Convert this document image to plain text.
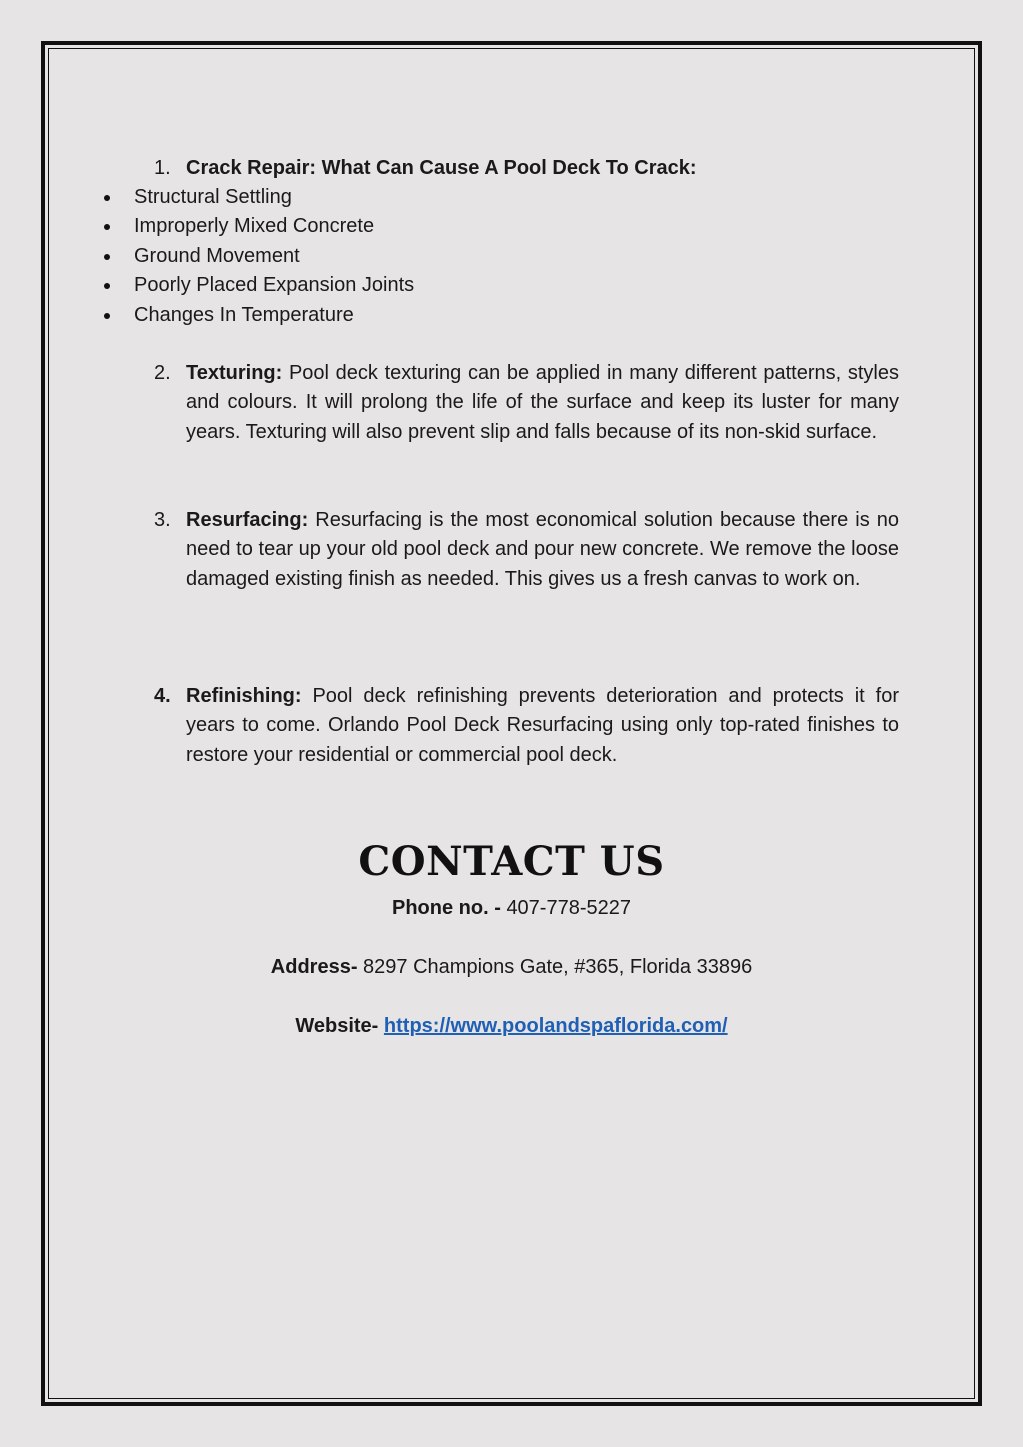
1. Crack Repair: What Can Cause A Pool Deck To Crack:
Structural Settling
Improperly Mixed Concrete
Ground Movement
Poorly Placed Expansion Joints
Changes In Temperature
2. Texturing: Pool deck texturing can be applied in many different patterns, styles and colours. It will prolong the life of the surface and keep its luster for many years. Texturing will also prevent slip and falls because of its non-skid surface.
3. Resurfacing: Resurfacing is the most economical solution because there is no need to tear up your old pool deck and pour new concrete. We remove the loose damaged existing finish as needed. This gives us a fresh canvas to work on.
4. Refinishing: Pool deck refinishing prevents deterioration and protects it for years to come. Orlando Pool Deck Resurfacing using only top-rated finishes to restore your residential or commercial pool deck.
CONTACT US
Phone no. - 407-778-5227
Address- 8297 Champions Gate, #365, Florida 33896
Website- https://www.poolandspaflorida.com/
